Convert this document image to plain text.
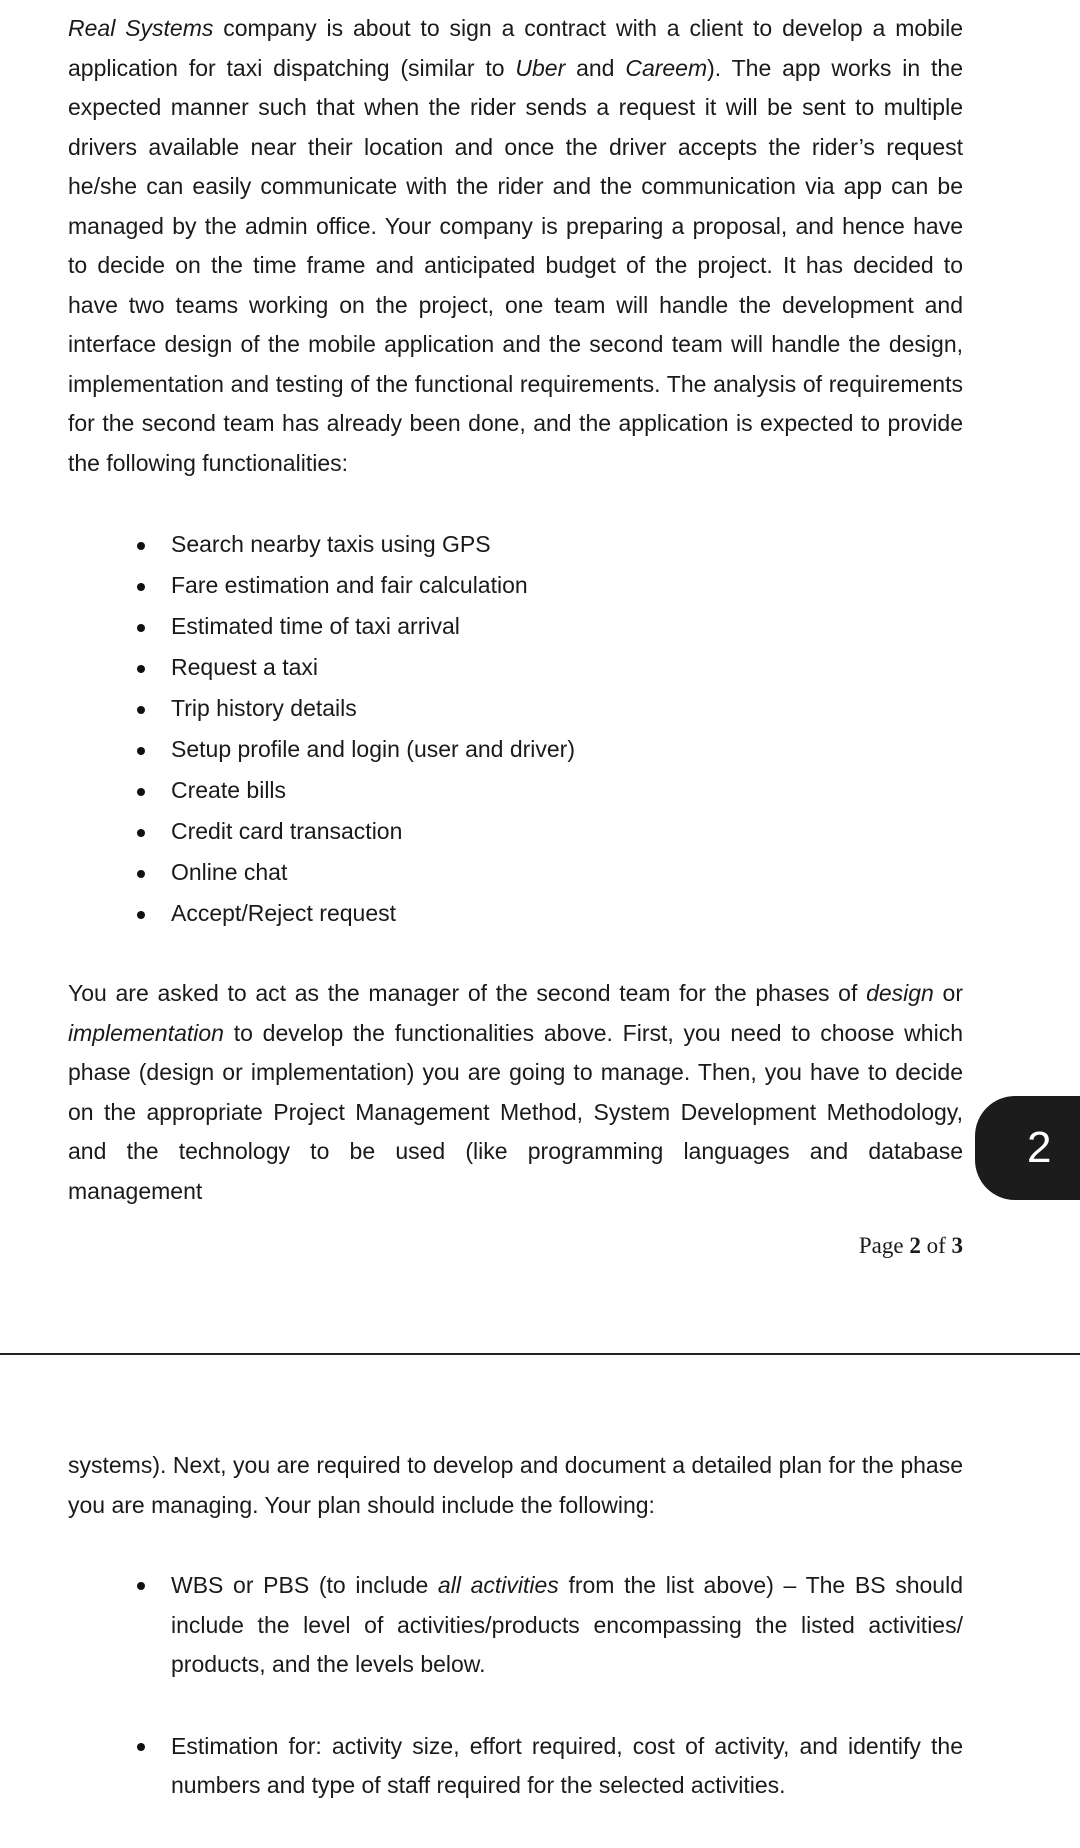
Real Systems company is about to sign a contract with a client to develop a mobile application for taxi dispatching (similar to Uber and Careem). The app works in the expected manner such that when the rider sends a request it will be sent to multiple drivers available near their location and once the driver accepts the rider’s request he/she can easily communicate with the rider and the communication via app can be managed by the admin office. Your company is preparing a proposal, and hence have to decide on the time frame and anticipated budget of the project. It has decided to have two teams working on the project, one team will handle the development and interface design of the mobile application and the second team will handle the design, implementation and testing of the functional requirements. The analysis of requirements for the second team has already been done, and the application is expected to provide the following functionalities:

Search nearby taxis using GPS
Fare estimation and fair calculation
Estimated time of taxi arrival
Request a taxi
Trip history details
Setup profile and login (user and driver)
Create bills
Credit card transaction
Online chat
Accept/Reject request

You are asked to act as the manager of the second team for the phases of design or implementation to develop the functionalities above. First, you need to choose which phase (design or implementation) you are going to manage. Then, you have to decide on the appropriate Project Management Method, System Development Methodology, and the technology to be used (like programming languages and database management

2
Page 2 of 3

systems). Next, you are required to develop and document a detailed plan for the phase you are managing. Your plan should include the following:

WBS or PBS (to include all activities from the list above) – The BS should include the level of activities/products encompassing the listed activities/ products, and the levels below.
Estimation for: activity size, effort required, cost of activity, and identify the numbers and type of staff required for the selected activities.
